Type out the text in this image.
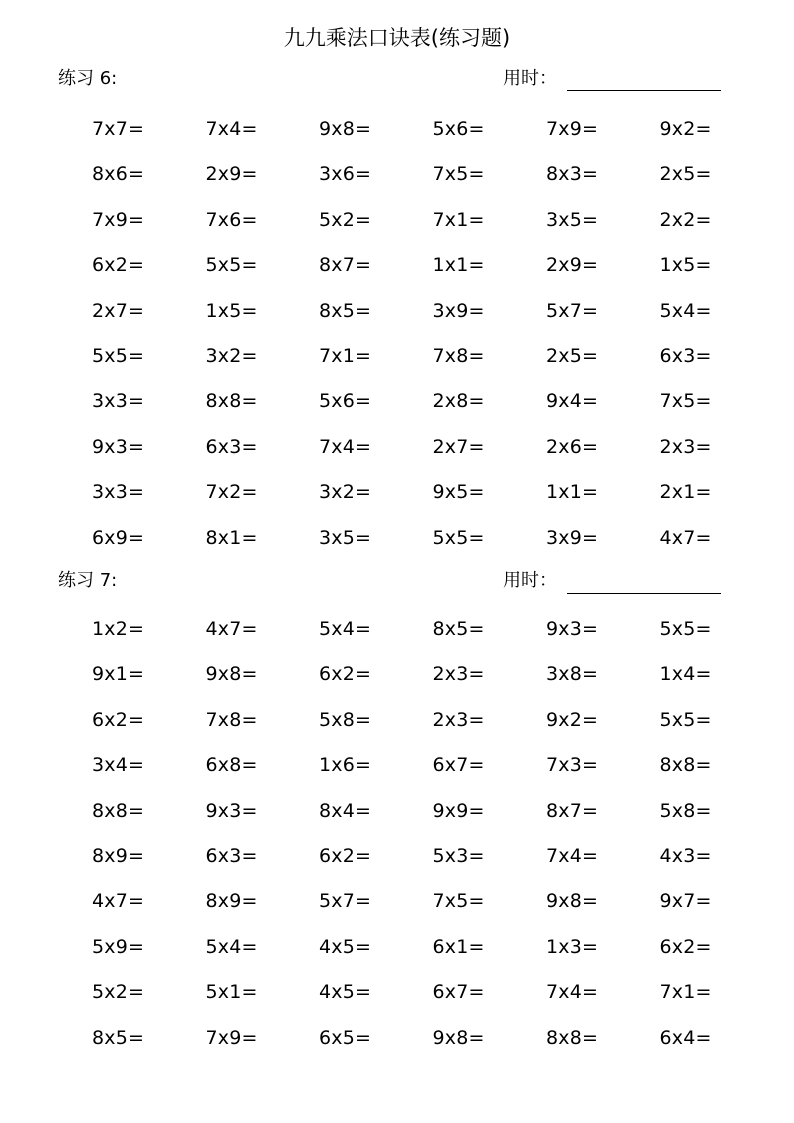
九九乘法口诀表(练习题)
练习 6:	用时：
7x7=	7x4=	9x8=	5x6=	7x9=	9x2=
8x6=	2x9=	3x6=	7x5=	8x3=	2x5=
7x9=	7x6=	5x2=	7x1=	3x5=	2x2=
6x2=	5x5=	8x7=	1x1=	2x9=	1x5=
2x7=	1x5=	8x5=	3x9=	5x7=	5x4=
5x5=	3x2=	7x1=	7x8=	2x5=	6x3=
3x3=	8x8=	5x6=	2x8=	9x4=	7x5=
9x3=	6x3=	7x4=	2x7=	2x6=	2x3=
3x3=	7x2=	3x2=	9x5=	1x1=	2x1=
6x9=	8x1=	3x5=	5x5=	3x9=	4x7=
练习 7:	用时：
1x2=	4x7=	5x4=	8x5=	9x3=	5x5=
9x1=	9x8=	6x2=	2x3=	3x8=	1x4=
6x2=	7x8=	5x8=	2x3=	9x2=	5x5=
3x4=	6x8=	1x6=	6x7=	7x3=	8x8=
8x8=	9x3=	8x4=	9x9=	8x7=	5x8=
8x9=	6x3=	6x2=	5x3=	7x4=	4x3=
4x7=	8x9=	5x7=	7x5=	9x8=	9x7=
5x9=	5x4=	4x5=	6x1=	1x3=	6x2=
5x2=	5x1=	4x5=	6x7=	7x4=	7x1=
8x5=	7x9=	6x5=	9x8=	8x8=	6x4=
